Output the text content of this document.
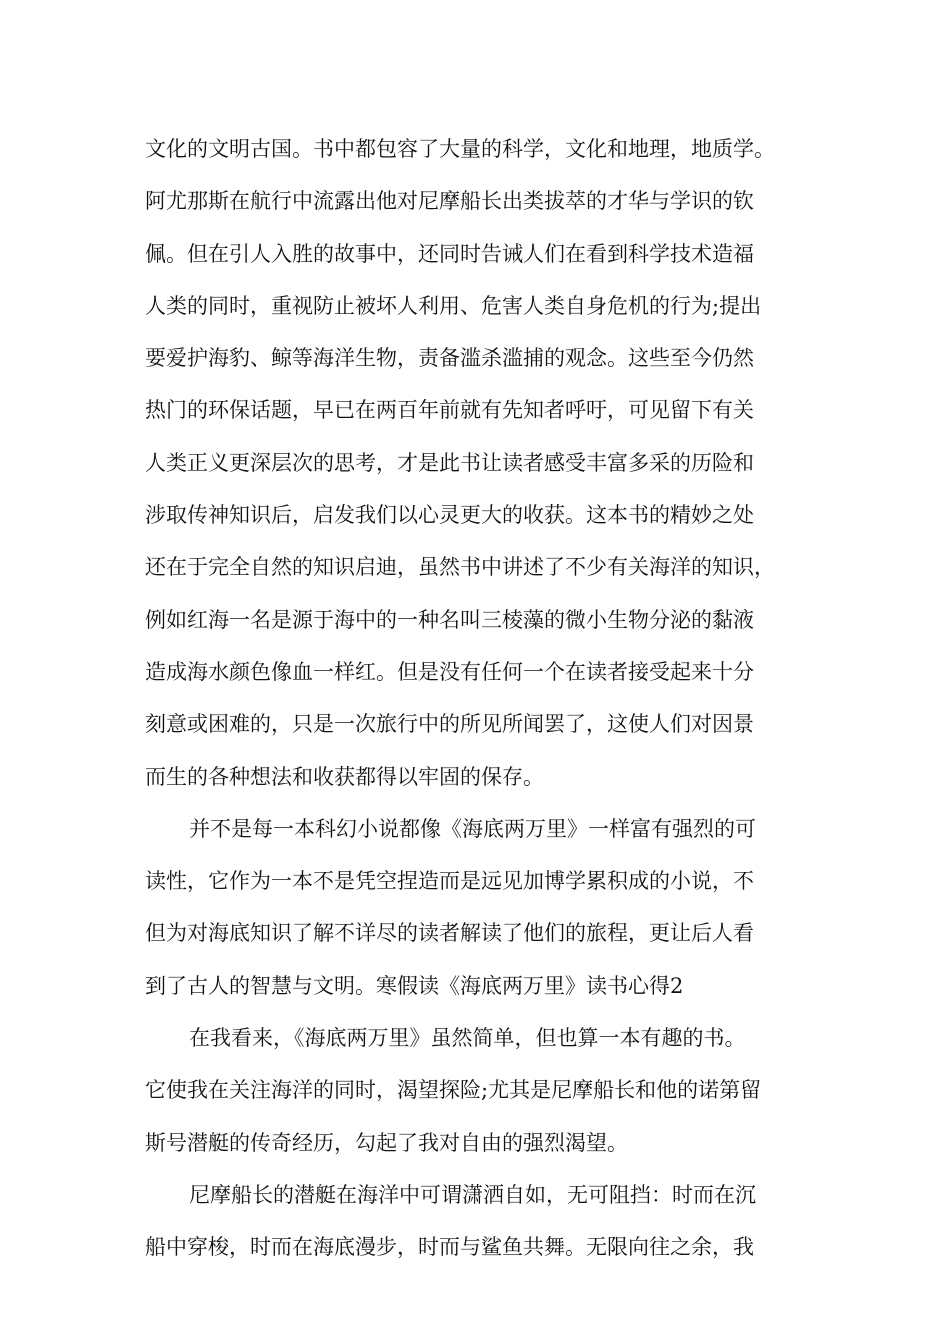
文化的文明古国。书中都包容了大量的科学，文化和地理，地质学。
阿尤那斯在航行中流露出他对尼摩船长出类拔萃的才华与学识的钦
佩。但在引人入胜的故事中，还同时告诫人们在看到科学技术造福
人类的同时，重视防止被坏人利用、危害人类自身危机的行为;提出
要爱护海豹、鲸等海洋生物，责备滥杀滥捕的观念。这些至今仍然
热门的环保话题，早已在两百年前就有先知者呼吁，可见留下有关
人类正义更深层次的思考，才是此书让读者感受丰富多采的历险和
涉取传神知识后，启发我们以心灵更大的收获。这本书的精妙之处
还在于完全自然的知识启迪，虽然书中讲述了不少有关海洋的知识，
例如红海一名是源于海中的一种名叫三棱藻的微小生物分泌的黏液
造成海水颜色像血一样红。但是没有任何一个在读者接受起来十分
刻意或困难的，只是一次旅行中的所见所闻罢了，这使人们对因景
而生的各种想法和收获都得以牢固的保存。
并不是每一本科幻小说都像《海底两万里》一样富有强烈的可
读性，它作为一本不是凭空捏造而是远见加博学累积成的小说，不
但为对海底知识了解不详尽的读者解读了他们的旅程，更让后人看
到了古人的智慧与文明。寒假读《海底两万里》读书心得2
在我看来，《海底两万里》虽然简单，但也算一本有趣的书。
它使我在关注海洋的同时，渴望探险;尤其是尼摩船长和他的诺第留
斯号潜艇的传奇经历，勾起了我对自由的强烈渴望。
尼摩船长的潜艇在海洋中可谓潇洒自如，无可阻挡：时而在沉
船中穿梭，时而在海底漫步，时而与鲨鱼共舞。无限向往之余，我
